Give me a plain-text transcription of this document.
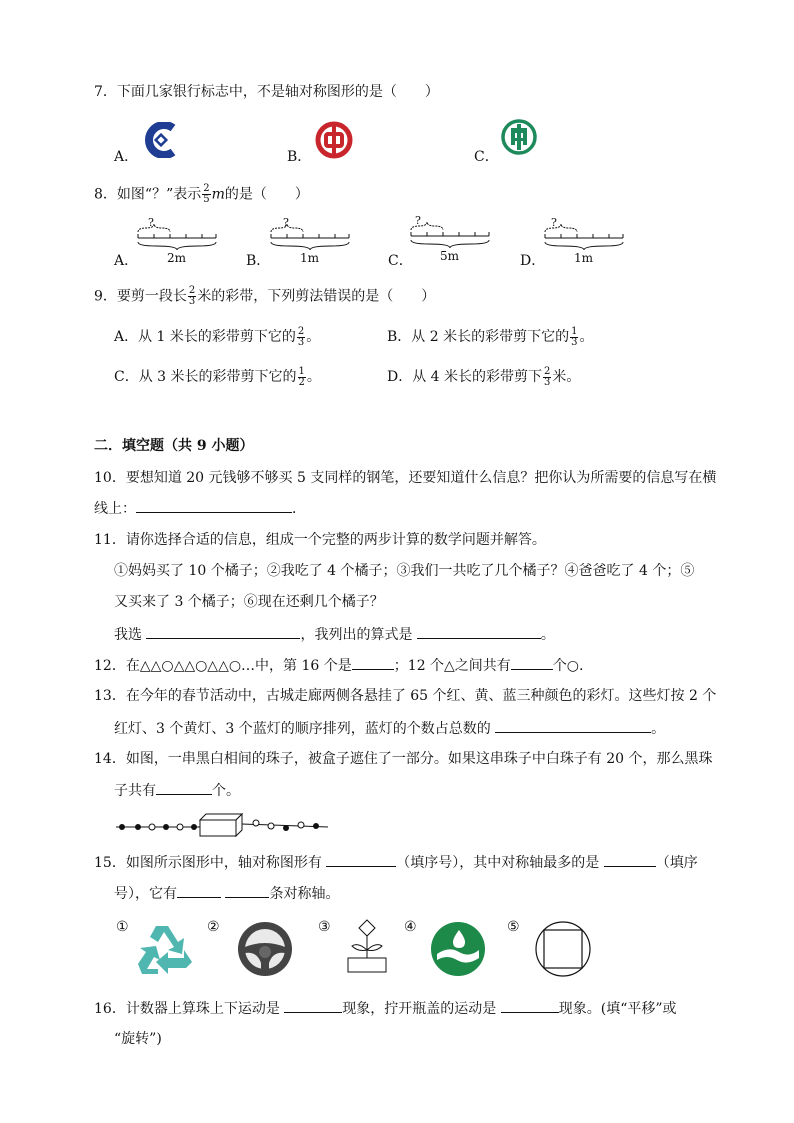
7．下面几家银行标志中，不是轴对称图形的是（　　）
A．	B．	C．
8．如图“？”表示 $\frac{2}{5}$ m的是（　　）
A．
?
2m	B．
?
1m	C．
?
5m	D．
?
1m
9．要剪一段长 $\frac{2}{3}$ 米的彩带，下列剪法错误的是（　　）
A．从 1 米长的彩带剪下它的 $\frac{2}{3}$ 。	B．从 2 米长的彩带剪下它的 $\frac{1}{3}$ 。
C．从 3 米长的彩带剪下它的 $\frac{1}{2}$ 。	D．从 4 米长的彩带剪下 $\frac{2}{3}$ 米。
二．填空题（共 9 小题）
10．要想知道 20 元钱够不够买 5 支同样的钢笔，还要知道什么信息？把你认为所需要的信息写在横
线上：	．
11．请你选择合适的信息，组成一个完整的两步计算的数学问题并解答。
①妈妈买了 10 个橘子；②我吃了 4 个橘子；③我们一共吃了几个橘子？④爸爸吃了 4 个；⑤
又买来了 3 个橘子；⑥现在还剩几个橘子？
我选	，我列出的算式是	。
12．在△△○△△○△△○…中，第 16 个是	；12 个△之间共有	个○.
13．在今年的春节活动中，古城走廊两侧各悬挂了 65 个红、黄、蓝三种颜色的彩灯。这些灯按 2 个
红灯、3 个黄灯、3 个蓝灯的顺序排列，蓝灯的个数占总数的	。
14．如图，一串黑白相间的珠子，被盒子遮住了一部分。如果这串珠子中白珠子有 20 个，那么黑珠
子共有	个。
15．如图所示图形中，轴对称图形有	（填序号），其中对称轴最多的是	（填序
号），它有	条对称轴。
①	②	③	④	⑤
16．计数器上算珠上下运动是	现象，拧开瓶盖的运动是	现象。(填“平移”或
“旋转”)
